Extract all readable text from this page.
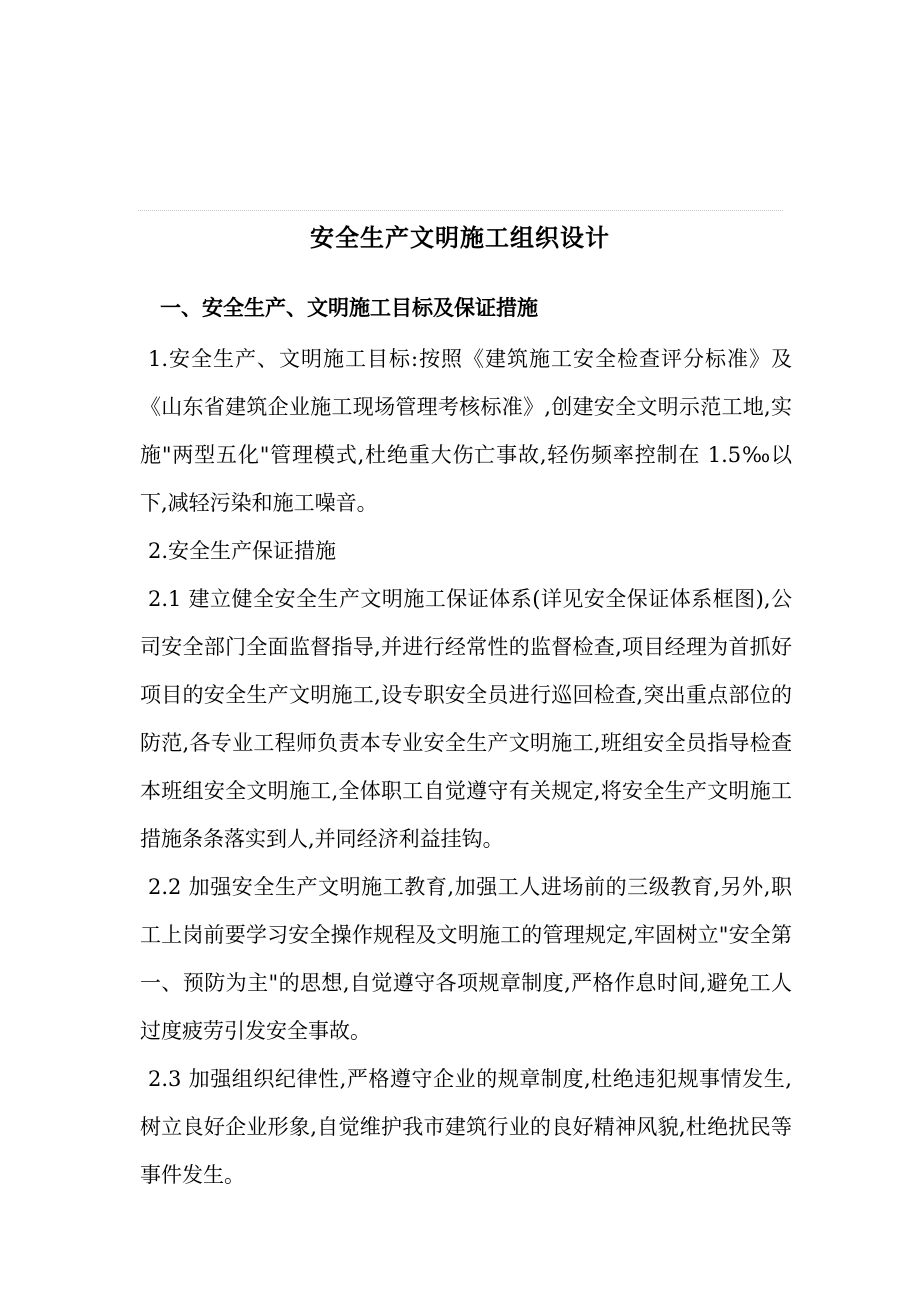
安全生产文明施工组织设计
一、安全生产、文明施工目标及保证措施

1.安全生产、文明施工目标:按照《建筑施工安全检查评分标准》及《山东省建筑企业施工现场管理考核标准》,创建安全文明示范工地,实施"两型五化"管理模式,杜绝重大伤亡事故,轻伤频率控制在 1.5‰以下,减轻污染和施工噪音。

2.安全生产保证措施

2.1 建立健全安全生产文明施工保证体系(详见安全保证体系框图),公司安全部门全面监督指导,并进行经常性的监督检查,项目经理为首抓好项目的安全生产文明施工,设专职安全员进行巡回检查,突出重点部位的防范,各专业工程师负责本专业安全生产文明施工,班组安全员指导检查本班组安全文明施工,全体职工自觉遵守有关规定,将安全生产文明施工措施条条落实到人,并同经济利益挂钩。

2.2 加强安全生产文明施工教育,加强工人进场前的三级教育,另外,职工上岗前要学习安全操作规程及文明施工的管理规定,牢固树立"安全第一、预防为主"的思想,自觉遵守各项规章制度,严格作息时间,避免工人过度疲劳引发安全事故。

2.3 加强组织纪律性,严格遵守企业的规章制度,杜绝违犯规事情发生,树立良好企业形象,自觉维护我市建筑行业的良好精神风貌,杜绝扰民等事件发生。
